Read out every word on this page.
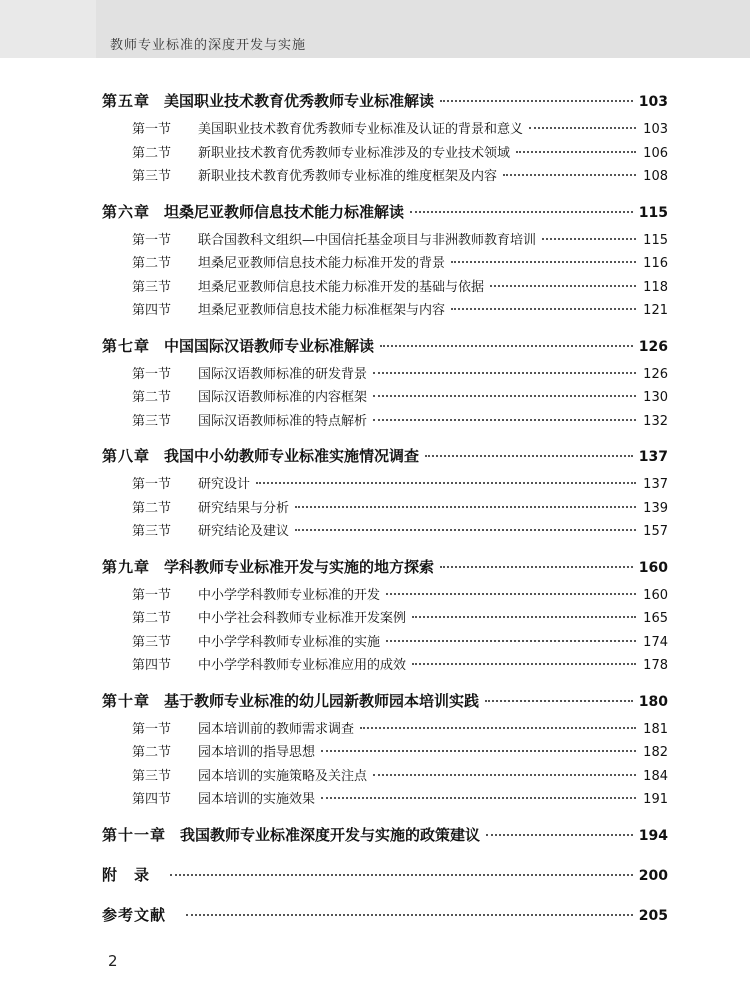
教师专业标准的深度开发与实施
第五章 美国职业技术教育优秀教师专业标准解读	103
第一节	美国职业技术教育优秀教师专业标准及认证的背景和意义	103
第二节	新职业技术教育优秀教师专业标准涉及的专业技术领域	106
第三节	新职业技术教育优秀教师专业标准的维度框架及内容	108
第六章 坦桑尼亚教师信息技术能力标准解读	115
第一节	联合国教科文组织—中国信托基金项目与非洲教师教育培训	115
第二节	坦桑尼亚教师信息技术能力标准开发的背景	116
第三节	坦桑尼亚教师信息技术能力标准开发的基础与依据	118
第四节	坦桑尼亚教师信息技术能力标准框架与内容	121
第七章 中国国际汉语教师专业标准解读	126
第一节	国际汉语教师标准的研发背景	126
第二节	国际汉语教师标准的内容框架	130
第三节	国际汉语教师标准的特点解析	132
第八章 我国中小幼教师专业标准实施情况调查	137
第一节	研究设计	137
第二节	研究结果与分析	139
第三节	研究结论及建议	157
第九章 学科教师专业标准开发与实施的地方探索	160
第一节	中小学学科教师专业标准的开发	160
第二节	中小学社会科教师专业标准开发案例	165
第三节	中小学学科教师专业标准的实施	174
第四节	中小学学科教师专业标准应用的成效	178
第十章 基于教师专业标准的幼儿园新教师园本培训实践	180
第一节	园本培训前的教师需求调查	181
第二节	园本培训的指导思想	182
第三节	园本培训的实施策略及关注点	184
第四节	园本培训的实施效果	191
第十一章 我国教师专业标准深度开发与实施的政策建议	194
附　录	200
参考文献	205
2
